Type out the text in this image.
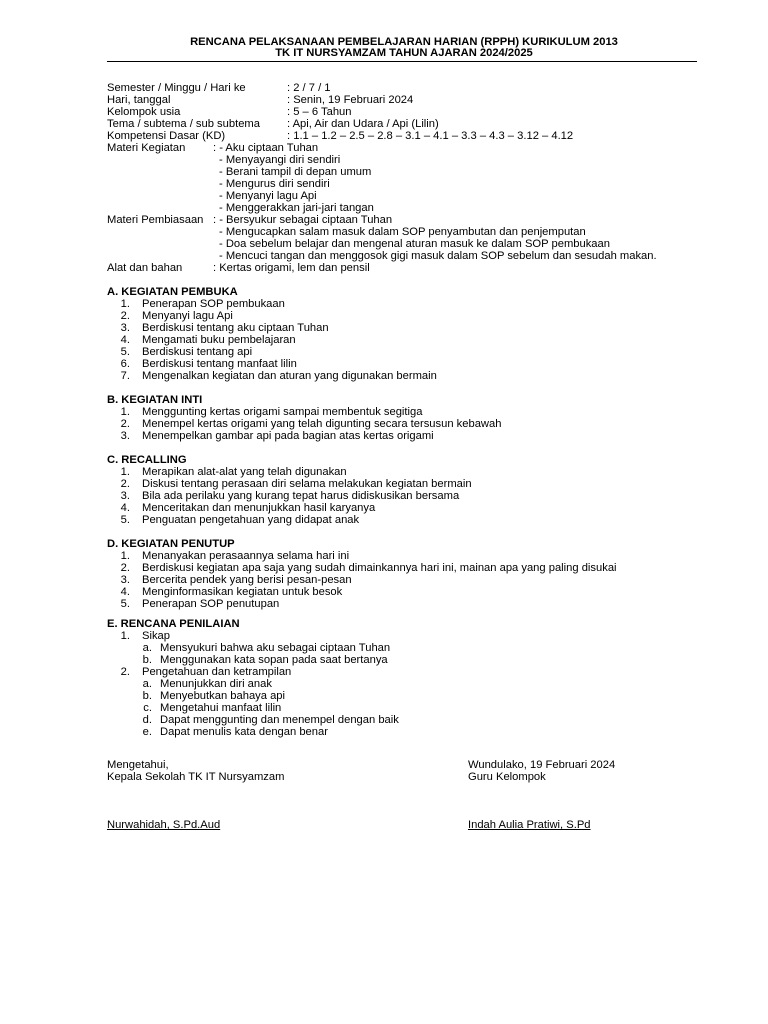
RENCANA PELAKSANAAN PEMBELAJARAN HARIAN (RPPH) KURIKULUM 2013
TK IT NURSYAMZAM TAHUN AJARAN 2024/2025
Semester / Minggu / Hari ke	: 2 / 7 / 1
Hari, tanggal	: Senin, 19 Februari 2024
Kelompok usia	: 5 – 6 Tahun
Tema / subtema / sub subtema : Api, Air dan Udara / Api (Lilin)
Kompetensi Dasar (KD)	: 1.1 – 1.2 – 2.5 – 2.8 – 3.1 – 4.1 – 3.3 – 4.3 – 3.12 – 4.12
Materi Kegiatan : - Aku ciptaan Tuhan
- Menyayangi diri sendiri
- Berani tampil di depan umum
- Mengurus diri sendiri
- Menyanyi lagu Api
- Menggerakkan jari-jari tangan
Materi Pembiasaan : - Bersyukur sebagai ciptaan Tuhan
- Mengucapkan salam masuk dalam SOP penyambutan dan penjemputan
- Doa sebelum belajar dan mengenal aturan masuk ke dalam SOP pembukaan
- Mencuci tangan dan menggosok gigi masuk dalam SOP sebelum dan sesudah makan.
Alat dan bahan	: Kertas origami, lem dan pensil
A. KEGIATAN PEMBUKA
1. Penerapan SOP pembukaan
2. Menyanyi lagu Api
3. Berdiskusi tentang aku ciptaan Tuhan
4. Mengamati buku pembelajaran
5. Berdiskusi tentang api
6. Berdiskusi tentang manfaat lilin
7. Mengenalkan kegiatan dan aturan yang digunakan bermain
B. KEGIATAN INTI
1. Menggunting kertas origami sampai membentuk segitiga
2. Menempel kertas origami yang telah digunting secara tersusun kebawah
3. Menempelkan gambar api pada bagian atas kertas origami
C. RECALLING
1. Merapikan alat-alat yang telah digunakan
2. Diskusi tentang perasaan diri selama melakukan kegiatan bermain
3. Bila ada perilaku yang kurang tepat harus didiskusikan bersama
4. Menceritakan dan menunjukkan hasil karyanya
5. Penguatan pengetahuan yang didapat anak
D. KEGIATAN PENUTUP
1. Menanyakan perasaannya selama hari ini
2. Berdiskusi kegiatan apa saja yang sudah dimainkannya hari ini, mainan apa yang paling disukai
3. Bercerita pendek yang berisi pesan-pesan
4. Menginformasikan kegiatan untuk besok
5. Penerapan SOP penutupan
E. RENCANA PENILAIAN
1. Sikap
a. Mensyukuri bahwa aku sebagai ciptaan Tuhan
b. Menggunakan kata sopan pada saat bertanya
2. Pengetahuan dan ketrampilan
a. Menunjukkan diri anak
b. Menyebutkan bahaya api
c. Mengetahui manfaat lilin
d. Dapat menggunting dan menempel dengan baik
e. Dapat menulis kata dengan benar
Mengetahui,
Kepala Sekolah TK IT Nursyamzam
Nurwahidah, S.Pd.Aud
Wundulako, 19 Februari 2024
Guru Kelompok
Indah Aulia Pratiwi, S.Pd
